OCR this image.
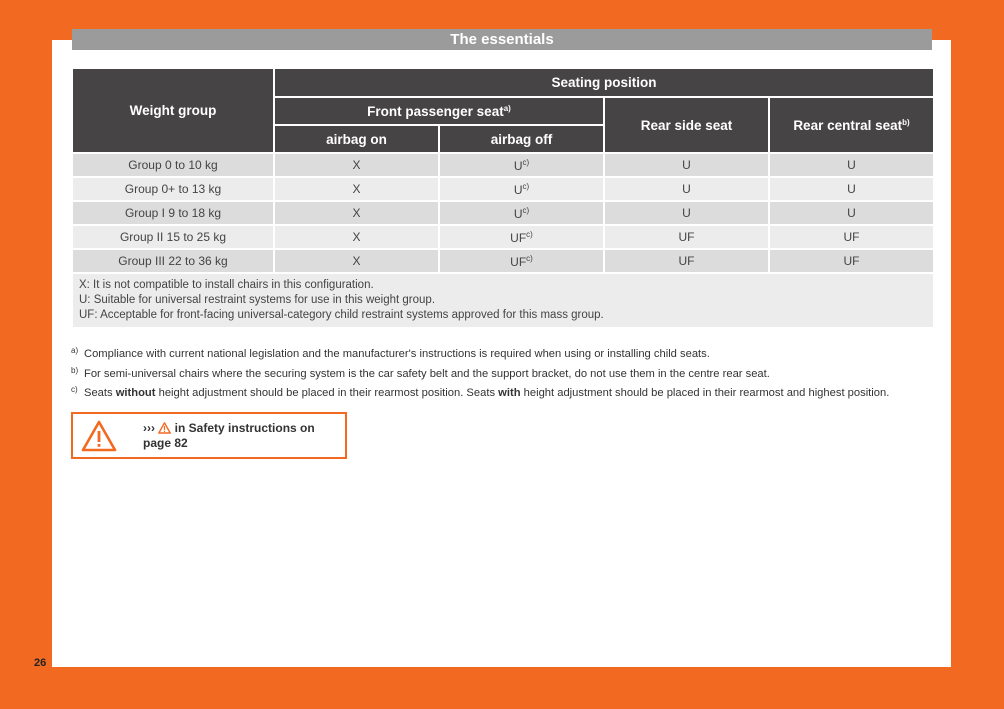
The essentials
Weight group	Seating position			
	Front passenger seat$^{a)}$		Rear side seat	Rear central seat$^{b)}$
	airbag on	airbag off		
Group 0 to 10 kg	X	$U^{c)}$	U	U
Group 0+ to 13 kg	X	$U^{c)}$	U	U
Group I 9 to 18 kg	X	$U^{c)}$	U	U
Group II 15 to 25 kg	X	UF$^{c)}$	UF	UF
Group III 22 to 36 kg	X	UF$^{c)}$	UF	UF

X: It is not compatible to install chairs in this configuration.
U: Suitable for universal restraint systems for use in this weight group.
UF: Acceptable for front-facing universal-category child restraint systems approved for this mass group.				
a) Compliance with current national legislation and the manufacturer's instructions is required when using or installing child seats.
b) For semi-universal chairs where the securing system is the car safety belt and the support bracket, do not use them in the centre rear seat.
c) Seats without height adjustment should be placed in their rearmost position. Seats with height adjustment should be placed in their rearmost and highest position.
›››  in Safety instructions on
page 82
26
